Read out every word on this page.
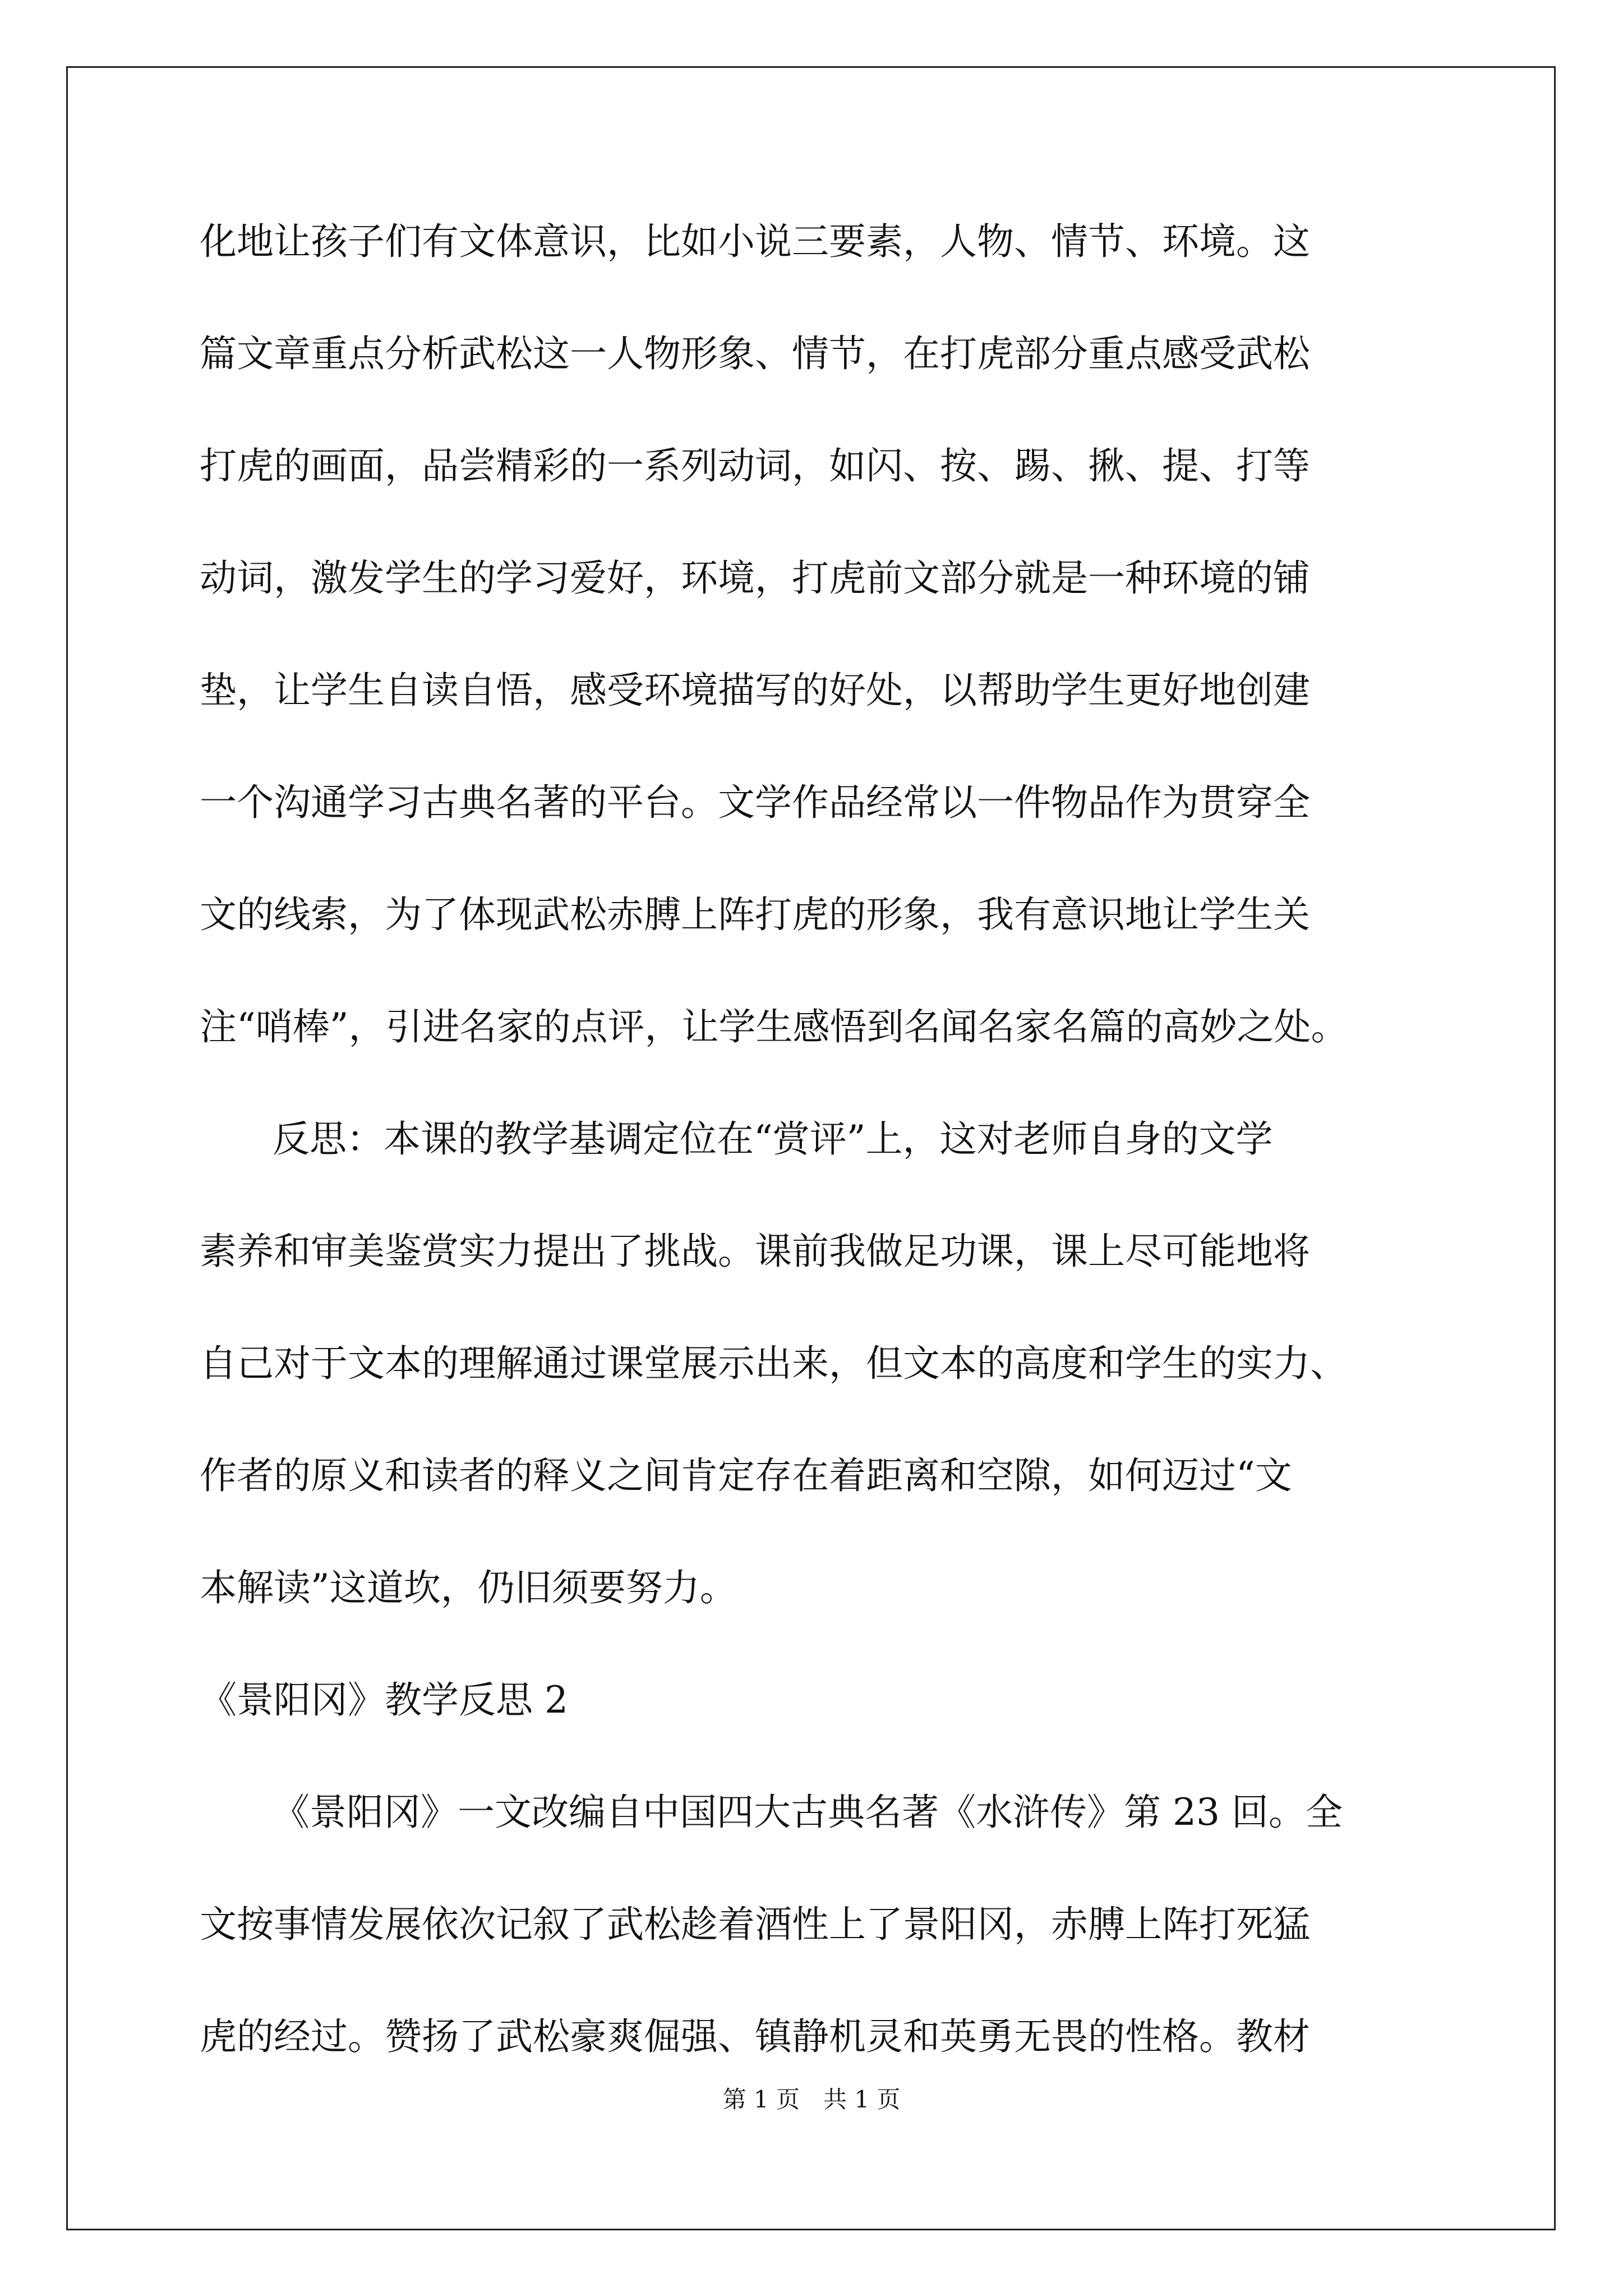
化地让孩子们有文体意识，比如小说三要素，人物、情节、环境。这
篇文章重点分析武松这一人物形象、情节，在打虎部分重点感受武松
打虎的画面，品尝精彩的一系列动词，如闪、按、踢、揪、提、打等
动词，激发学生的学习爱好，环境，打虎前文部分就是一种环境的铺
垫，让学生自读自悟，感受环境描写的好处，以帮助学生更好地创建
一个沟通学习古典名著的平台。文学作品经常以一件物品作为贯穿全
文的线索，为了体现武松赤膊上阵打虎的形象，我有意识地让学生关
注“哨棒”，引进名家的点评，让学生感悟到名闻名家名篇的高妙之处。
反思：本课的教学基调定位在“赏评”上，这对老师自身的文学
素养和审美鉴赏实力提出了挑战。课前我做足功课，课上尽可能地将
自己对于文本的理解通过课堂展示出来，但文本的高度和学生的实力、
作者的原义和读者的释义之间肯定存在着距离和空隙，如何迈过“文
本解读”这道坎，仍旧须要努力。
《景阳冈》教学反思 2
《景阳冈》一文改编自中国四大古典名著《水浒传》第 23 回。全
文按事情发展依次记叙了武松趁着酒性上了景阳冈，赤膊上阵打死猛
虎的经过。赞扬了武松豪爽倔强、镇静机灵和英勇无畏的性格。教材
第 1 页　共 1 页
